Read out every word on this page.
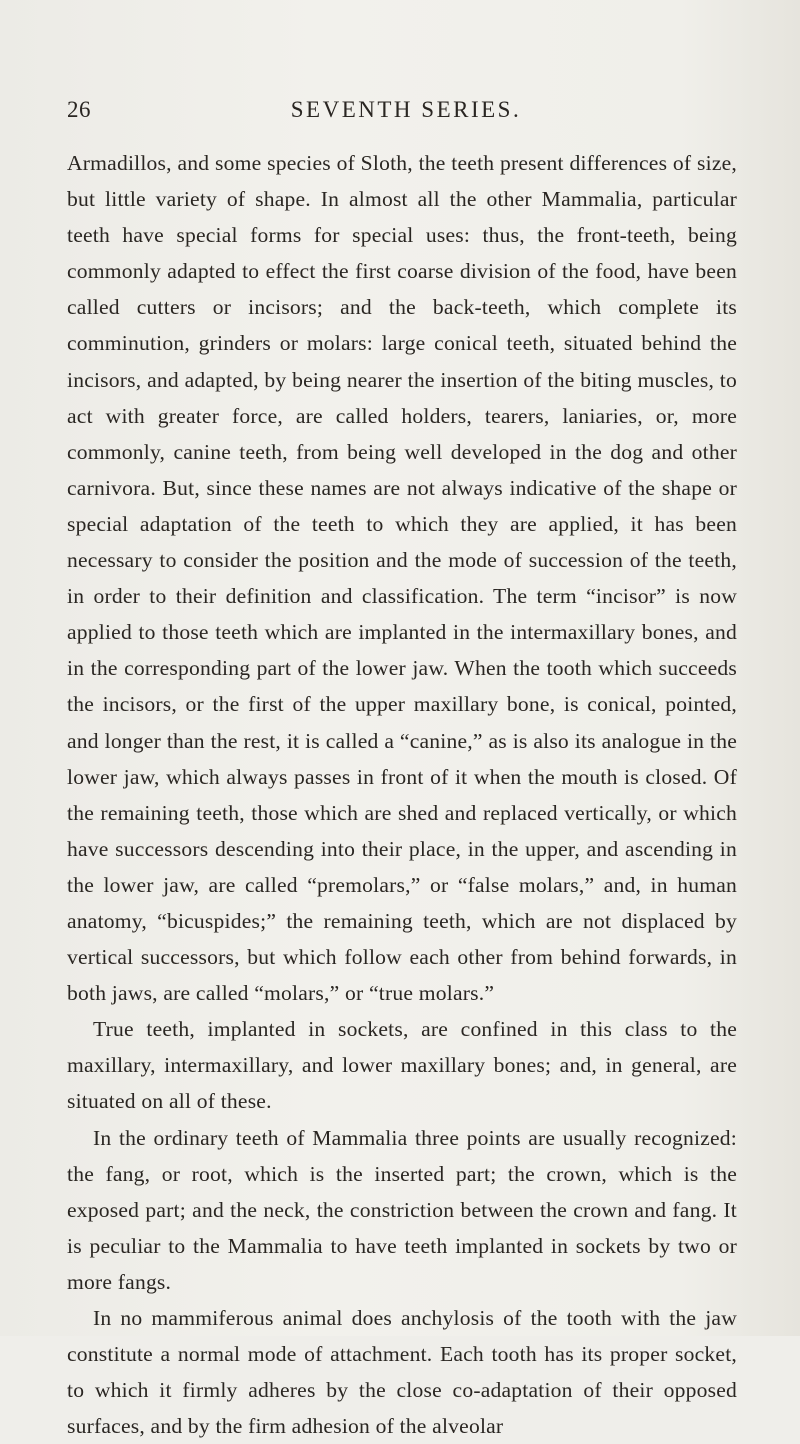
26	SEVENTH SERIES.

Armadillos, and some species of Sloth, the teeth present differences of size, but little variety of shape. In almost all the other Mammalia, particular teeth have special forms for special uses: thus, the front-teeth, being commonly adapted to effect the first coarse division of the food, have been called cutters or incisors; and the back-teeth, which complete its comminution, grinders or molars: large conical teeth, situated behind the incisors, and adapted, by being nearer the insertion of the biting muscles, to act with greater force, are called holders, tearers, laniaries, or, more commonly, canine teeth, from being well developed in the dog and other carnivora. But, since these names are not always indicative of the shape or special adaptation of the teeth to which they are applied, it has been necessary to consider the position and the mode of succession of the teeth, in order to their definition and classification. The term “incisor” is now applied to those teeth which are implanted in the intermaxillary bones, and in the corresponding part of the lower jaw. When the tooth which succeeds the incisors, or the first of the upper maxillary bone, is conical, pointed, and longer than the rest, it is called a “canine,” as is also its analogue in the lower jaw, which always passes in front of it when the mouth is closed. Of the remaining teeth, those which are shed and replaced vertically, or which have successors descending into their place, in the upper, and ascending in the lower jaw, are called “premolars,” or “false molars,” and, in human anatomy, “bicuspides;” the remaining teeth, which are not displaced by vertical successors, but which follow each other from behind forwards, in both jaws, are called “molars,” or “true molars.”

True teeth, implanted in sockets, are confined in this class to the maxillary, intermaxillary, and lower maxillary bones; and, in general, are situated on all of these.

In the ordinary teeth of Mammalia three points are usually recognized: the fang, or root, which is the inserted part; the crown, which is the exposed part; and the neck, the constriction between the crown and fang. It is peculiar to the Mammalia to have teeth implanted in sockets by two or more fangs.

In no mammiferous animal does anchylosis of the tooth with the jaw constitute a normal mode of attachment. Each tooth has its proper socket, to which it firmly adheres by the close co-adaptation of their opposed surfaces, and by the firm adhesion of the alveolar
